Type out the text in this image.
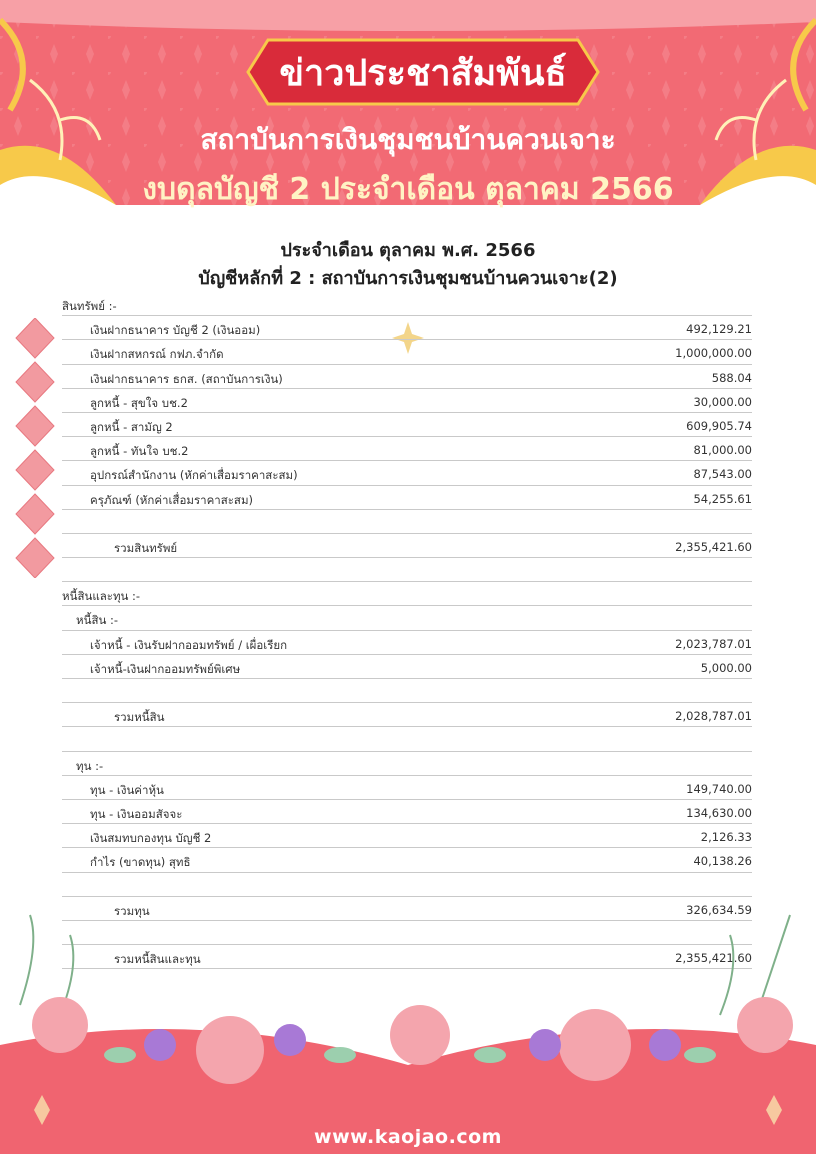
ข่าวประชาสัมพันธ์
สถาบันการเงินชุมชนบ้านควนเจาะ
งบดุลบัญชี 2 ประจำเดือน ตุลาคม 2566
ประจำเดือน ตุลาคม พ.ศ. 2566
บัญชีหลักที่ 2 : สถาบันการเงินชุมชนบ้านควนเจาะ(2)
สินทรัพย์ :-
เงินฝากธนาคาร บัญชี 2 (เงินออม)	492,129.21
เงินฝากสหกรณ์ กฟภ.จำกัด	1,000,000.00
เงินฝากธนาคาร ธกส. (สถาบันการเงิน)	588.04
ลูกหนี้ - สุขใจ บช.2	30,000.00
ลูกหนี้ - สามัญ 2	609,905.74
ลูกหนี้ - ทันใจ บช.2	81,000.00
อุปกรณ์สำนักงาน (หักค่าเสื่อมราคาสะสม)	87,543.00
ครุภัณฑ์ (หักค่าเสื่อมราคาสะสม)	54,255.61
รวมสินทรัพย์	2,355,421.60
หนี้สินและทุน :-
หนี้สิน :-
เจ้าหนี้ - เงินรับฝากออมทรัพย์ / เผื่อเรียก	2,023,787.01
เจ้าหนี้-เงินฝากออมทรัพย์พิเศษ	5,000.00
รวมหนี้สิน	2,028,787.01
ทุน :-
ทุน - เงินค่าหุ้น	149,740.00
ทุน - เงินออมสัจจะ	134,630.00
เงินสมทบกองทุน บัญชี 2	2,126.33
กำไร (ขาดทุน) สุทธิ	40,138.26
รวมทุน	326,634.59
รวมหนี้สินและทุน	2,355,421.60
www.kaojao.com
